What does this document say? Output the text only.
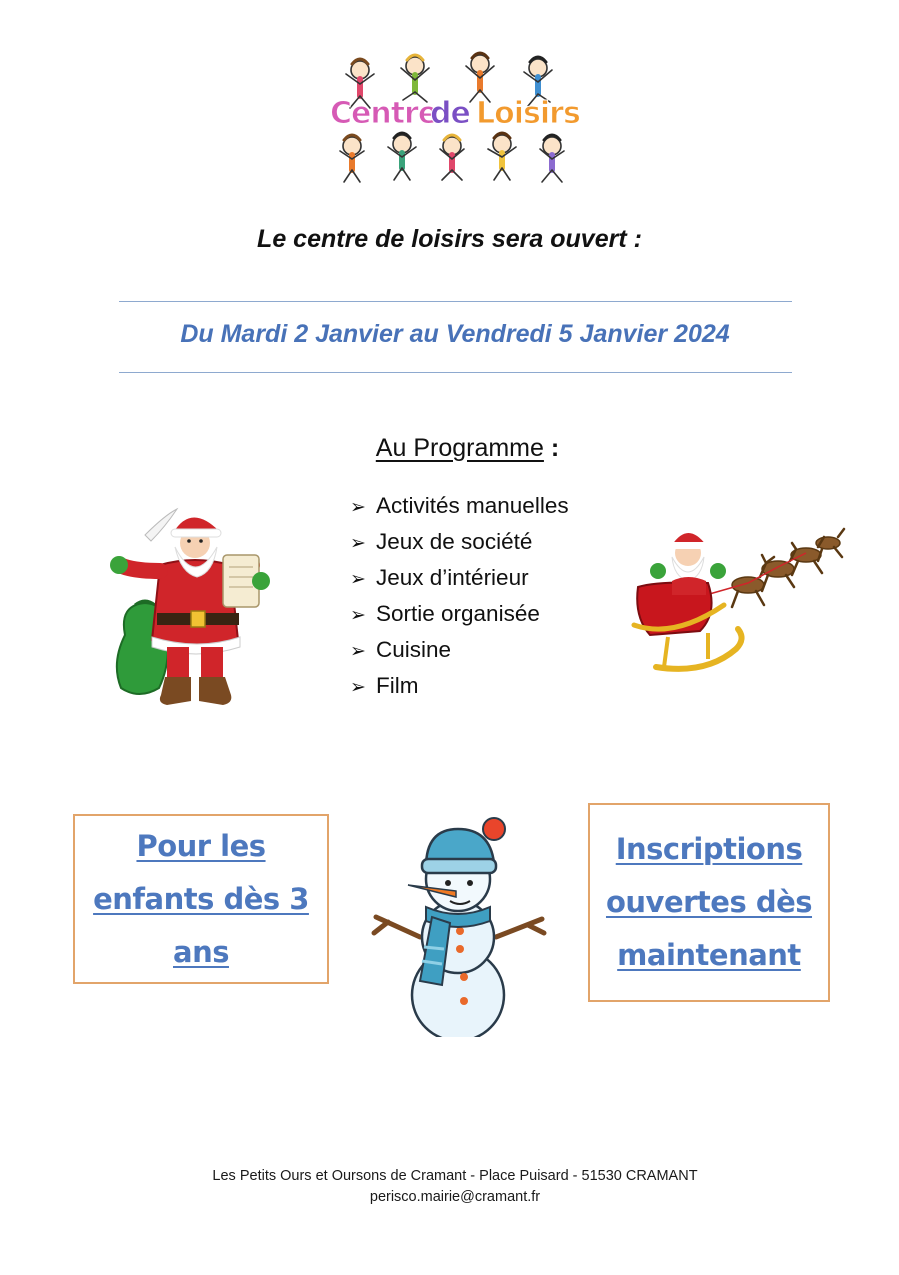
Centre
de Loisirs
Le centre de loisirs sera ouvert :
Du Mardi 2 Janvier au Vendredi 5 Janvier 2024
Au Programme :
➢ Activités manuelles
➢ Jeux de société
➢ Jeux d’intérieur
➢ Sortie organisée
➢ Cuisine
➢ Film
Pour les
enfants dès 3
ans
Inscriptions
ouvertes dès
maintenant
Les Petits Ours et Oursons de Cramant - Place Puisard - 51530 CRAMANT
perisco.mairie@cramant.fr
